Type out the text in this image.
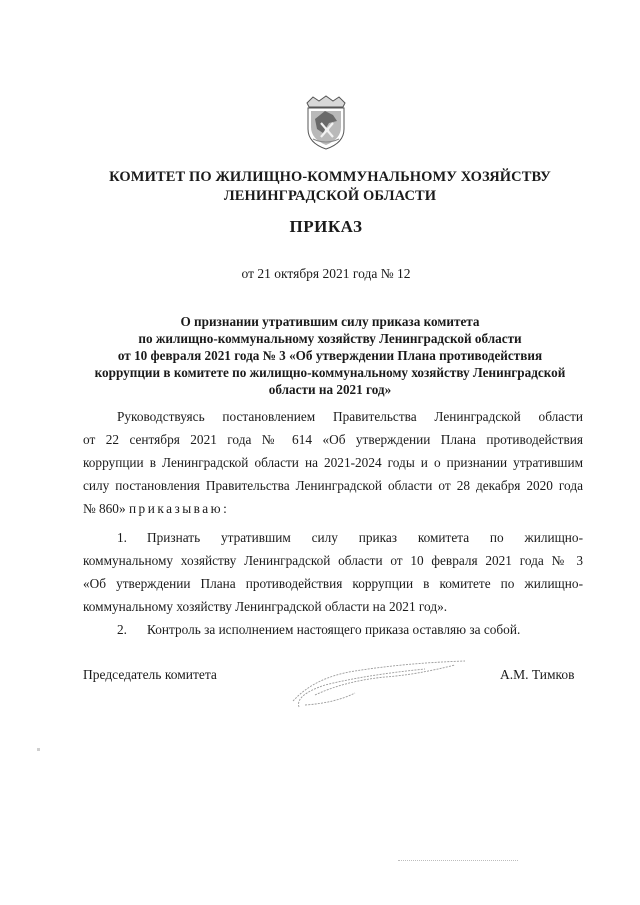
КОМИТЕТ ПО ЖИЛИЩНО-КОММУНАЛЬНОМУ ХОЗЯЙСТВУ
ЛЕНИНГРАДСКОЙ ОБЛАСТИ
ПРИКАЗ
от 21 октября 2021 года № 12
О признании утратившим силу приказа комитета
по жилищно-коммунальному хозяйству Ленинградской области
от 10 февраля 2021 года № 3 «Об утверждении Плана противодействия
коррупции в комитете по жилищно-коммунальному хозяйству Ленинградской
области на 2021 год»
Руководствуясь постановлением Правительства Ленинградской области
от 22 сентября 2021 года № 614 «Об утверждении Плана противодействия
коррупции в Ленинградской области на 2021-2024 годы и о признании утратившим
силу постановления Правительства Ленинградской области от 28 декабря 2020 года
№ 860» приказываю:
1. Признать утратившим силу приказ комитета по жилищно-
коммунальному хозяйству Ленинградской области от 10 февраля 2021 года № 3
«Об утверждении Плана противодействия коррупции в комитете по жилищно-
коммунальному хозяйству Ленинградской области на 2021 год».
2. Контроль за исполнением настоящего приказа оставляю за собой.
Председатель комитета	А.М. Тимков
